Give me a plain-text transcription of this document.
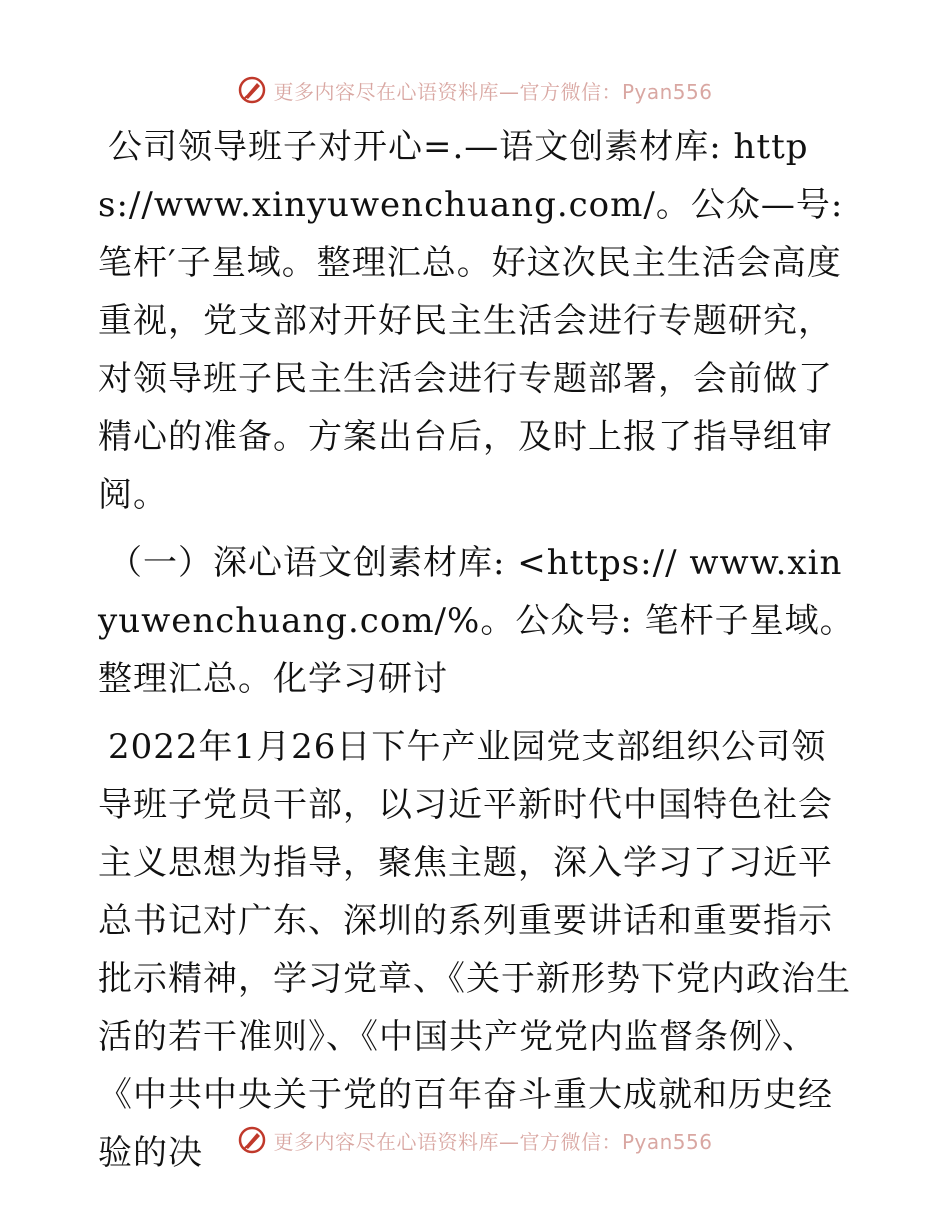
更多内容尽在心语资料库—官方微信：Pyan556

公司领导班子对开心=.—语文创素材库: https://www.xinyuwenchuang.com/。公众—号: 笔杆′子星域。整理汇总。好这次民主生活会高度重视，党支部对开好民主生活会进行专题研究，对领导班子民主生活会进行专题部署，会前做了精心的准备。方案出台后，及时上报了指导组审阅。

（一）深心语文创素材库: <https:// www.xinyuwenchuang.com/%。公众号: 笔杆子星域。整理汇总。化学习研讨

2022年1月26日下午产业园党支部组织公司领导班子党员干部，以习近平新时代中国特色社会主义思想为指导，聚焦主题，深入学习了习近平总书记对广东、深圳的系列重要讲话和重要指示批示精神，学习党章、《关于新形势下党内政治生活的若干准则》、《中国共产党党内监督条例》、《中共中央关于党的百年奋斗重大成就和历史经验的决	更多内容尽在心语资料库—官方微信：Pyan556
